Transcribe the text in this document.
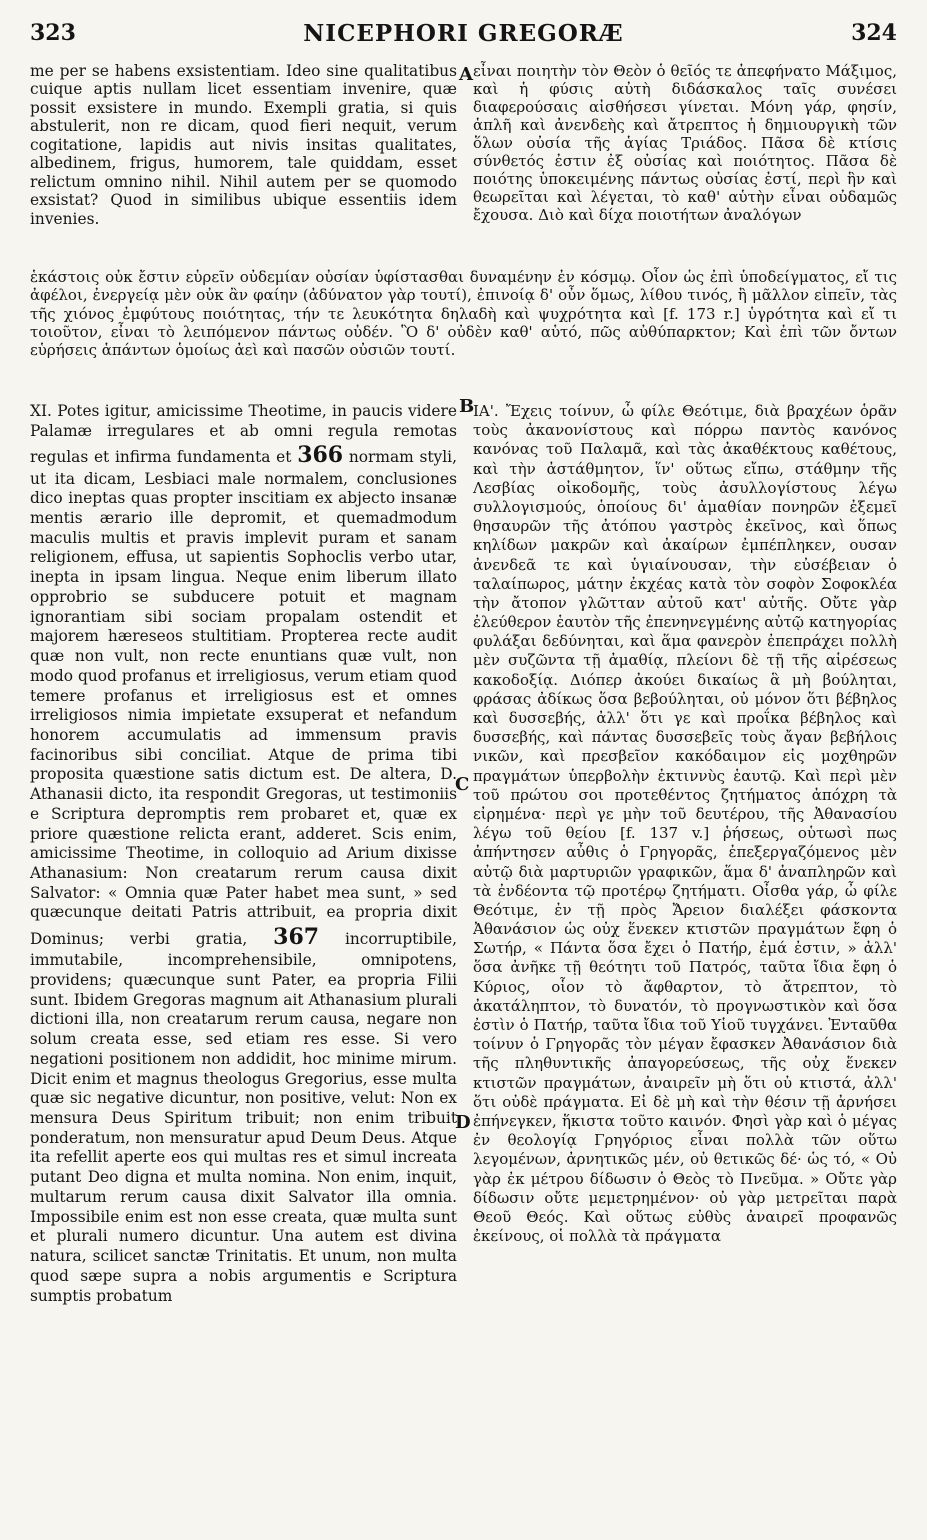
323	NICEPHORI GREGORÆ	324

me per se habens exsistentiam. Ideo sine qualitatibus cuique aptis nullam licet essentiam invenire, quæ possit exsistere in mundo. Exempli gratia, si quis abstulerit, non re dicam, quod fieri nequit, verum cogitatione, lapidis aut nivis insitas qualitates, albedinem, frigus, humorem, tale quiddam, esset relictum omnino nihil. Nihil autem per se quomodo exsistat? Quod in similibus ubique essentiis idem invenies.

A εἶναι ποιητὴν τὸν Θεὸν ὁ θεῖός τε ἀπεφήνατο Μάξιμος, καὶ ἡ φύσις αὐτὴ διδάσκαλος ταῖς συνέσει διαφερούσαις αἰσθήσεσι γίνεται. Μόνη γάρ, φησίν, ἁπλῆ καὶ ἀνενδεὴς καὶ ἄτρεπτος ἡ δημιουργικὴ τῶν ὅλων οὐσία τῆς ἁγίας Τριάδος. Πᾶσα δὲ κτίσις σύνθετός ἐστιν ἐξ οὐσίας καὶ ποιότητος. Πᾶσα δὲ ποιότης ὑποκειμένης πάντως οὐσίας ἐστί, περὶ ἣν καὶ θεωρεῖται καὶ λέγεται, τὸ καθ' αὑτὴν εἶναι οὐδαμῶς ἔχουσα. Διὸ καὶ δίχα ποιοτήτων ἀναλόγων

ἑκάστοις οὐκ ἔστιν εὑρεῖν οὐδεμίαν οὐσίαν ὑφίστασθαι δυναμένην ἐν κόσμῳ. Οἷον ὡς ἐπὶ ὑποδείγματος, εἴ τις ἀφέλοι, ἐνεργείᾳ μὲν οὐκ ἂν φαίην (ἀδύνατον γὰρ τουτί), ἐπινοίᾳ δ' οὖν ὅμως, λίθου τινός, ἢ μᾶλλον εἰπεῖν, τὰς τῆς χιόνος ἐμφύτους ποιότητας, τήν τε λευκότητα δηλαδὴ καὶ ψυχρότητα καὶ [f. 173 r.] ὑγρότητα καὶ εἴ τι τοιοῦτον, εἶναι τὸ λειπόμενον πάντως οὐδέν. Ὃ δ' οὐδὲν καθ' αὑτό, πῶς αὐθύπαρκτον; Καὶ ἐπὶ τῶν ὄντων εὑρήσεις ἁπάντων ὁμοίως ἀεὶ καὶ πασῶν οὐσιῶν τουτί.

XI. Potes igitur, amicissime Theotime, in paucis videre Palamæ irregulares et ab omni regula remotas regulas et infirma fundamenta et 366 normam styli, ut ita dicam, Lesbiaci male normalem, conclusiones dico ineptas quas propter inscitiam ex abjecto insanæ mentis ærario ille depromit, et quemadmodum maculis multis et pravis implevit puram et sanam religionem, effusa, ut sapientis Sophoclis verbo utar, inepta in ipsam lingua. Neque enim liberum illato opprobrio se subducere potuit et magnam ignorantiam sibi sociam propalam ostendit et majorem hæreseos stultitiam. Propterea recte audit quæ non vult, non recte enuntians quæ vult, non modo quod profanus et irreligiosus, verum etiam quod temere profanus et irreligiosus est et omnes irreligiosos nimia impietate exsuperat et nefandum honorem accumulatis ad immensum pravis facinoribus sibi conciliat. Atque de prima tibi proposita quæstione satis dictum est. De altera, D. Athanasii dicto, ita respondit Gregoras, ut testimoniis e Scriptura depromptis rem probaret et, quæ ex priore quæstione relicta erant, adderet. Scis enim, amicissime Theotime, in colloquio ad Arium dixisse Athanasium: Non creatarum rerum causa dixit Salvator: « Omnia quæ Pater habet mea sunt, » sed quæcunque deitati Patris attribuit, ea propria dixit Dominus; verbi gratia, 367 incorruptibile, immutabile, incomprehensibile, omnipotens, providens; quæcunque sunt Pater, ea propria Filii sunt. Ibidem Gregoras magnum ait Athanasium plurali dictioni illa, non creatarum rerum causa, negare non solum creata esse, sed etiam res esse. Si vero negationi positionem non addidit, hoc minime mirum. Dicit enim et magnus theologus Gregorius, esse multa quæ sic negative dicuntur, non positive, velut: Non ex mensura Deus Spiritum tribuit; non enim tribuit ponderatum, non mensuratur apud Deum Deus. Atque ita refellit aperte eos qui multas res et simul increata putant Deo digna et multa nomina. Non enim, inquit, multarum rerum causa dixit Salvator illa omnia. Impossibile enim est non esse creata, quæ multa sunt et plurali numero dicuntur. Una autem est divina natura, scilicet sanctæ Trinitatis. Et unum, non multa quod sæpe supra a nobis argumentis e Scriptura sumptis probatum

B
C
D

ΙΑ'. Ἔχεις τοίνυν, ὦ φίλε Θεότιμε, διὰ βραχέων ὁρᾶν τοὺς ἀκανονίστους καὶ πόρρω παντὸς κανόνος κανόνας τοῦ Παλαμᾶ, καὶ τὰς ἀκαθέκτους καθέτους, καὶ τὴν ἀστάθμητον, ἵν' οὕτως εἴπω, στάθμην τῆς Λεσβίας οἰκοδομῆς, τοὺς ἀσυλλογίστους λέγω συλλογισμούς, ὁποίους δι' ἀμαθίαν πονηρῶν ἐξεμεῖ θησαυρῶν τῆς ἀτόπου γαστρὸς ἐκεῖνος, καὶ ὅπως κηλίδων μακρῶν καὶ ἀκαίρων ἐμπέπληκεν, ουσαν ἀνενδεᾶ τε καὶ ὑγιαίνουσαν, τὴν εὐσέβειαν ὁ ταλαίπωρος, μάτην ἐκχέας κατὰ τὸν σοφὸν Σοφοκλέα τὴν ἄτοπον γλῶτταν αὐτοῦ κατ' αὐτῆς. Οὔτε γὰρ ἐλεύθερον ἑαυτὸν τῆς ἐπενηνεγμένης αὐτῷ κατηγορίας φυλάξαι δεδύνηται, καὶ ἅμα φανερὸν ἐπεπράχει πολλὴ μὲν συζῶντα τῇ ἀμαθίᾳ, πλείονι δὲ τῇ τῆς αἱρέσεως κακοδοξίᾳ. Διόπερ ἀκούει δικαίως ἃ μὴ βούληται, φράσας ἀδίκως ὅσα βεβούληται, οὐ μόνον ὅτι βέβηλος καὶ δυσσεβής, ἀλλ' ὅτι γε καὶ προΐκα βέβηλος καὶ δυσσεβής, καὶ πάντας δυσσεβεῖς τοὺς ἄγαν βεβήλοις νικῶν, καὶ πρεσβεῖον κακόδαιμον εἰς μοχθηρῶν πραγμάτων ὑπερβολὴν ἐκτιννὺς ἑαυτῷ. Καὶ περὶ μὲν τοῦ πρώτου σοι προτεθέντος ζητήματος ἀπόχρη τὰ εἰρημένα· περὶ γε μὴν τοῦ δευτέρου, τῆς Ἀθανασίου λέγω τοῦ θείου [f. 137 v.] ῥήσεως, οὑτωσὶ πως ἀπήντησεν αὖθις ὁ Γρηγορᾶς, ἐπεξεργαζόμενος μὲν αὐτῷ διὰ μαρτυριῶν γραφικῶν, ἅμα δ' ἀναπληρῶν καὶ τὰ ἐνδέοντα τῷ προτέρῳ ζητήματι. Οἶσθα γάρ, ὦ φίλε Θεότιμε, ἐν τῇ πρὸς Ἄρειον διαλέξει φάσκοντα Ἀθανάσιον ὡς οὐχ ἕνεκεν κτιστῶν πραγμάτων ἔφη ὁ Σωτήρ, « Πάντα ὅσα ἔχει ὁ Πατήρ, ἐμά ἐστιν, » ἀλλ' ὅσα ἀνῆκε τῇ θεότητι τοῦ Πατρός, ταῦτα ἴδια ἔφη ὁ Κύριος, οἷον τὸ ἄφθαρτον, τὸ ἄτρεπτον, τὸ ἀκατάληπτον, τὸ δυνατόν, τὸ προγνωστικὸν καὶ ὅσα ἐστὶν ὁ Πατήρ, ταῦτα ἴδια τοῦ Υἱοῦ τυγχάνει. Ἐνταῦθα τοίνυν ὁ Γρηγορᾶς τὸν μέγαν ἔφασκεν Ἀθανάσιον διὰ τῆς πληθυντικῆς ἀπαγορεύσεως, τῆς οὐχ ἕνεκεν κτιστῶν πραγμάτων, ἀναιρεῖν μὴ ὅτι οὐ κτιστά, ἀλλ' ὅτι οὐδὲ πράγματα. Εἰ δὲ μὴ καὶ τὴν θέσιν τῇ ἀρνήσει ἐπήνεγκεν, ἥκιστα τοῦτο καινόν. Φησὶ γὰρ καὶ ὁ μέγας ἐν θεολογίᾳ Γρηγόριος εἶναι πολλὰ τῶν οὕτω λεγομένων, ἀρνητικῶς μέν, οὐ θετικῶς δέ· ὡς τό, « Οὐ γὰρ ἐκ μέτρου δίδωσιν ὁ Θεὸς τὸ Πνεῦμα. » Οὔτε γὰρ δίδωσιν οὔτε μεμετρημένον· οὐ γὰρ μετρεῖται παρὰ Θεοῦ Θεός. Καὶ οὕτως εὐθὺς ἀναιρεῖ προφανῶς ἐκείνους, οἱ πολλὰ τὰ πράγματα
